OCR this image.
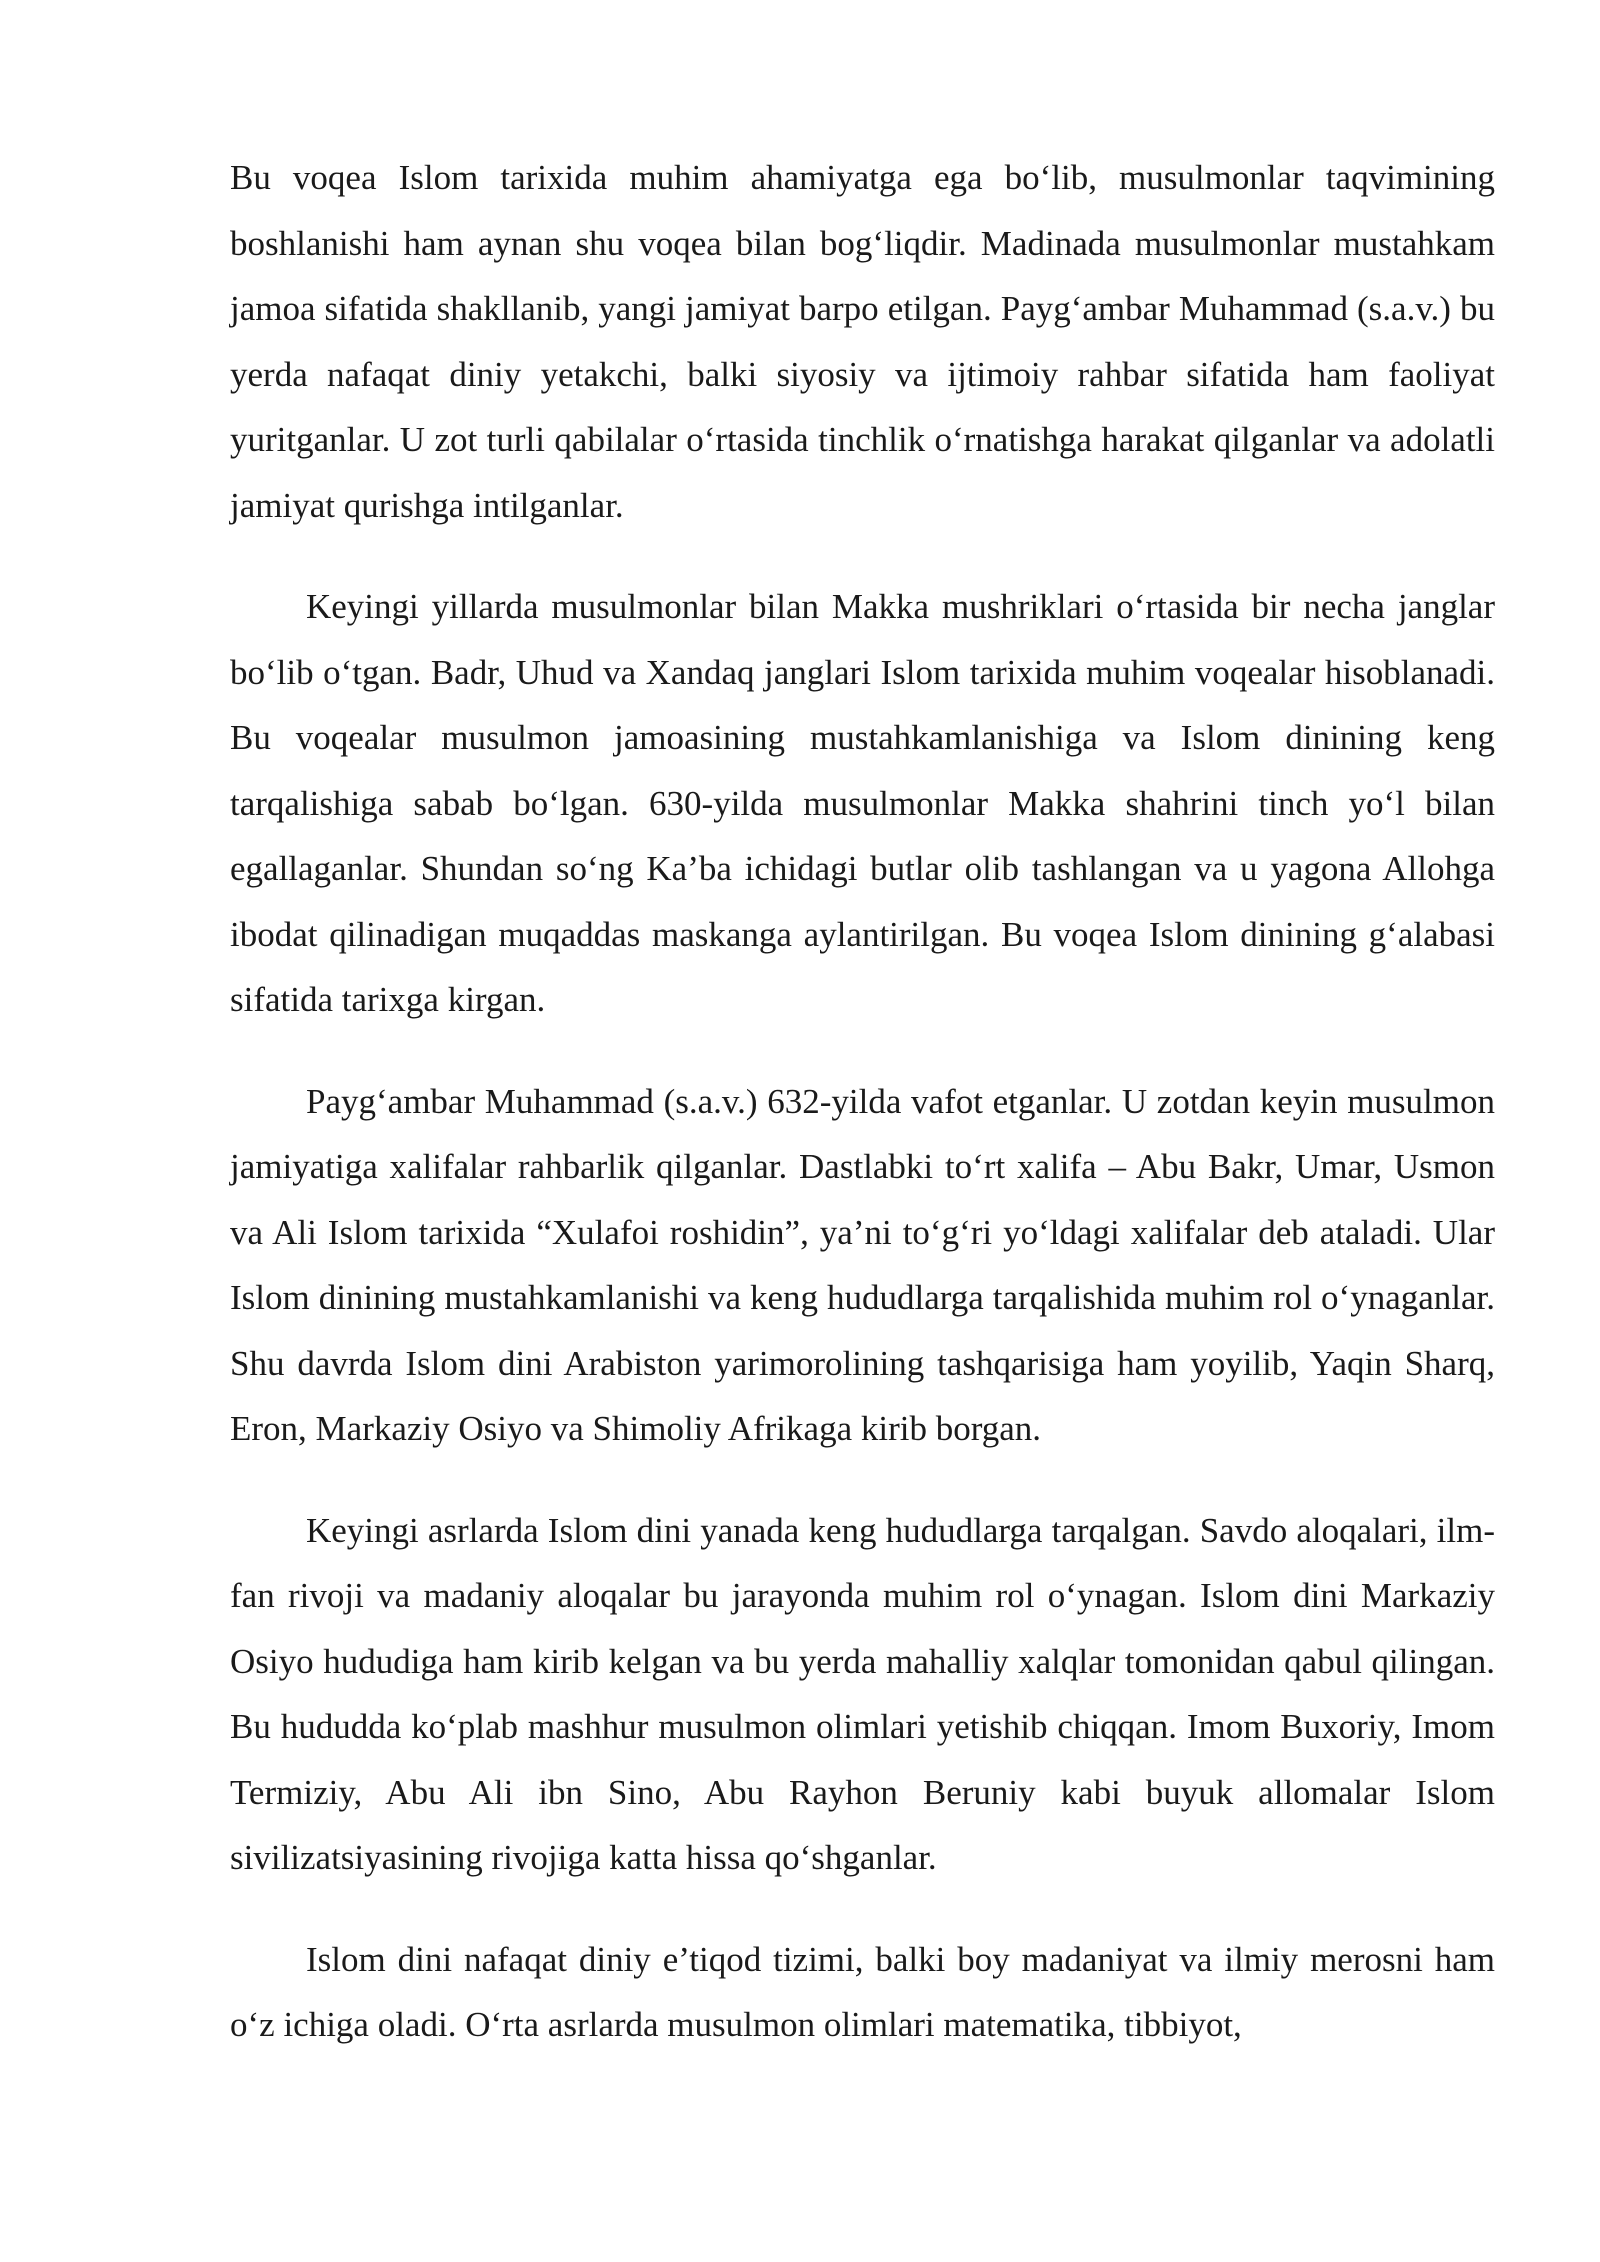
Bu voqea Islom tarixida muhim ahamiyatga ega bo‘lib, musulmonlar taqvimining boshlanishi ham aynan shu voqea bilan bog‘liqdir. Madinada musulmonlar mustahkam jamoa sifatida shakllanib, yangi jamiyat barpo etilgan. Payg‘ambar Muhammad (s.a.v.) bu yerda nafaqat diniy yetakchi, balki siyosiy va ijtimoiy rahbar sifatida ham faoliyat yuritganlar. U zot turli qabilalar o‘rtasida tinchlik o‘rnatishga harakat qilganlar va adolatli jamiyat qurishga intilganlar.

Keyingi yillarda musulmonlar bilan Makka mushriklari o‘rtasida bir necha janglar bo‘lib o‘tgan. Badr, Uhud va Xandaq janglari Islom tarixida muhim voqealar hisoblanadi. Bu voqealar musulmon jamoasining mustahkamlanishiga va Islom dinining keng tarqalishiga sabab bo‘lgan. 630-yilda musulmonlar Makka shahrini tinch yo‘l bilan egallaganlar. Shundan so‘ng Ka’ba ichidagi butlar olib tashlangan va u yagona Allohga ibodat qilinadigan muqaddas maskanga aylantirilgan. Bu voqea Islom dinining g‘alabasi sifatida tarixga kirgan.

Payg‘ambar Muhammad (s.a.v.) 632-yilda vafot etganlar. U zotdan keyin musulmon jamiyatiga xalifalar rahbarlik qilganlar. Dastlabki to‘rt xalifa – Abu Bakr, Umar, Usmon va Ali Islom tarixida “Xulafoi roshidin”, ya’ni to‘g‘ri yo‘ldagi xalifalar deb ataladi. Ular Islom dinining mustahkamlanishi va keng hududlarga tarqalishida muhim rol o‘ynaganlar. Shu davrda Islom dini Arabiston yarimorolining tashqarisiga ham yoyilib, Yaqin Sharq, Eron, Markaziy Osiyo va Shimoliy Afrikaga kirib borgan.

Keyingi asrlarda Islom dini yanada keng hududlarga tarqalgan. Savdo aloqalari, ilm-fan rivoji va madaniy aloqalar bu jarayonda muhim rol o‘ynagan. Islom dini Markaziy Osiyo hududiga ham kirib kelgan va bu yerda mahalliy xalqlar tomonidan qabul qilingan. Bu hududda ko‘plab mashhur musulmon olimlari yetishib chiqqan. Imom Buxoriy, Imom Termiziy, Abu Ali ibn Sino, Abu Rayhon Beruniy kabi buyuk allomalar Islom sivilizatsiyasining rivojiga katta hissa qo‘shganlar.

Islom dini nafaqat diniy e’tiqod tizimi, balki boy madaniyat va ilmiy merosni ham o‘z ichiga oladi. O‘rta asrlarda musulmon olimlari matematika, tibbiyot,
